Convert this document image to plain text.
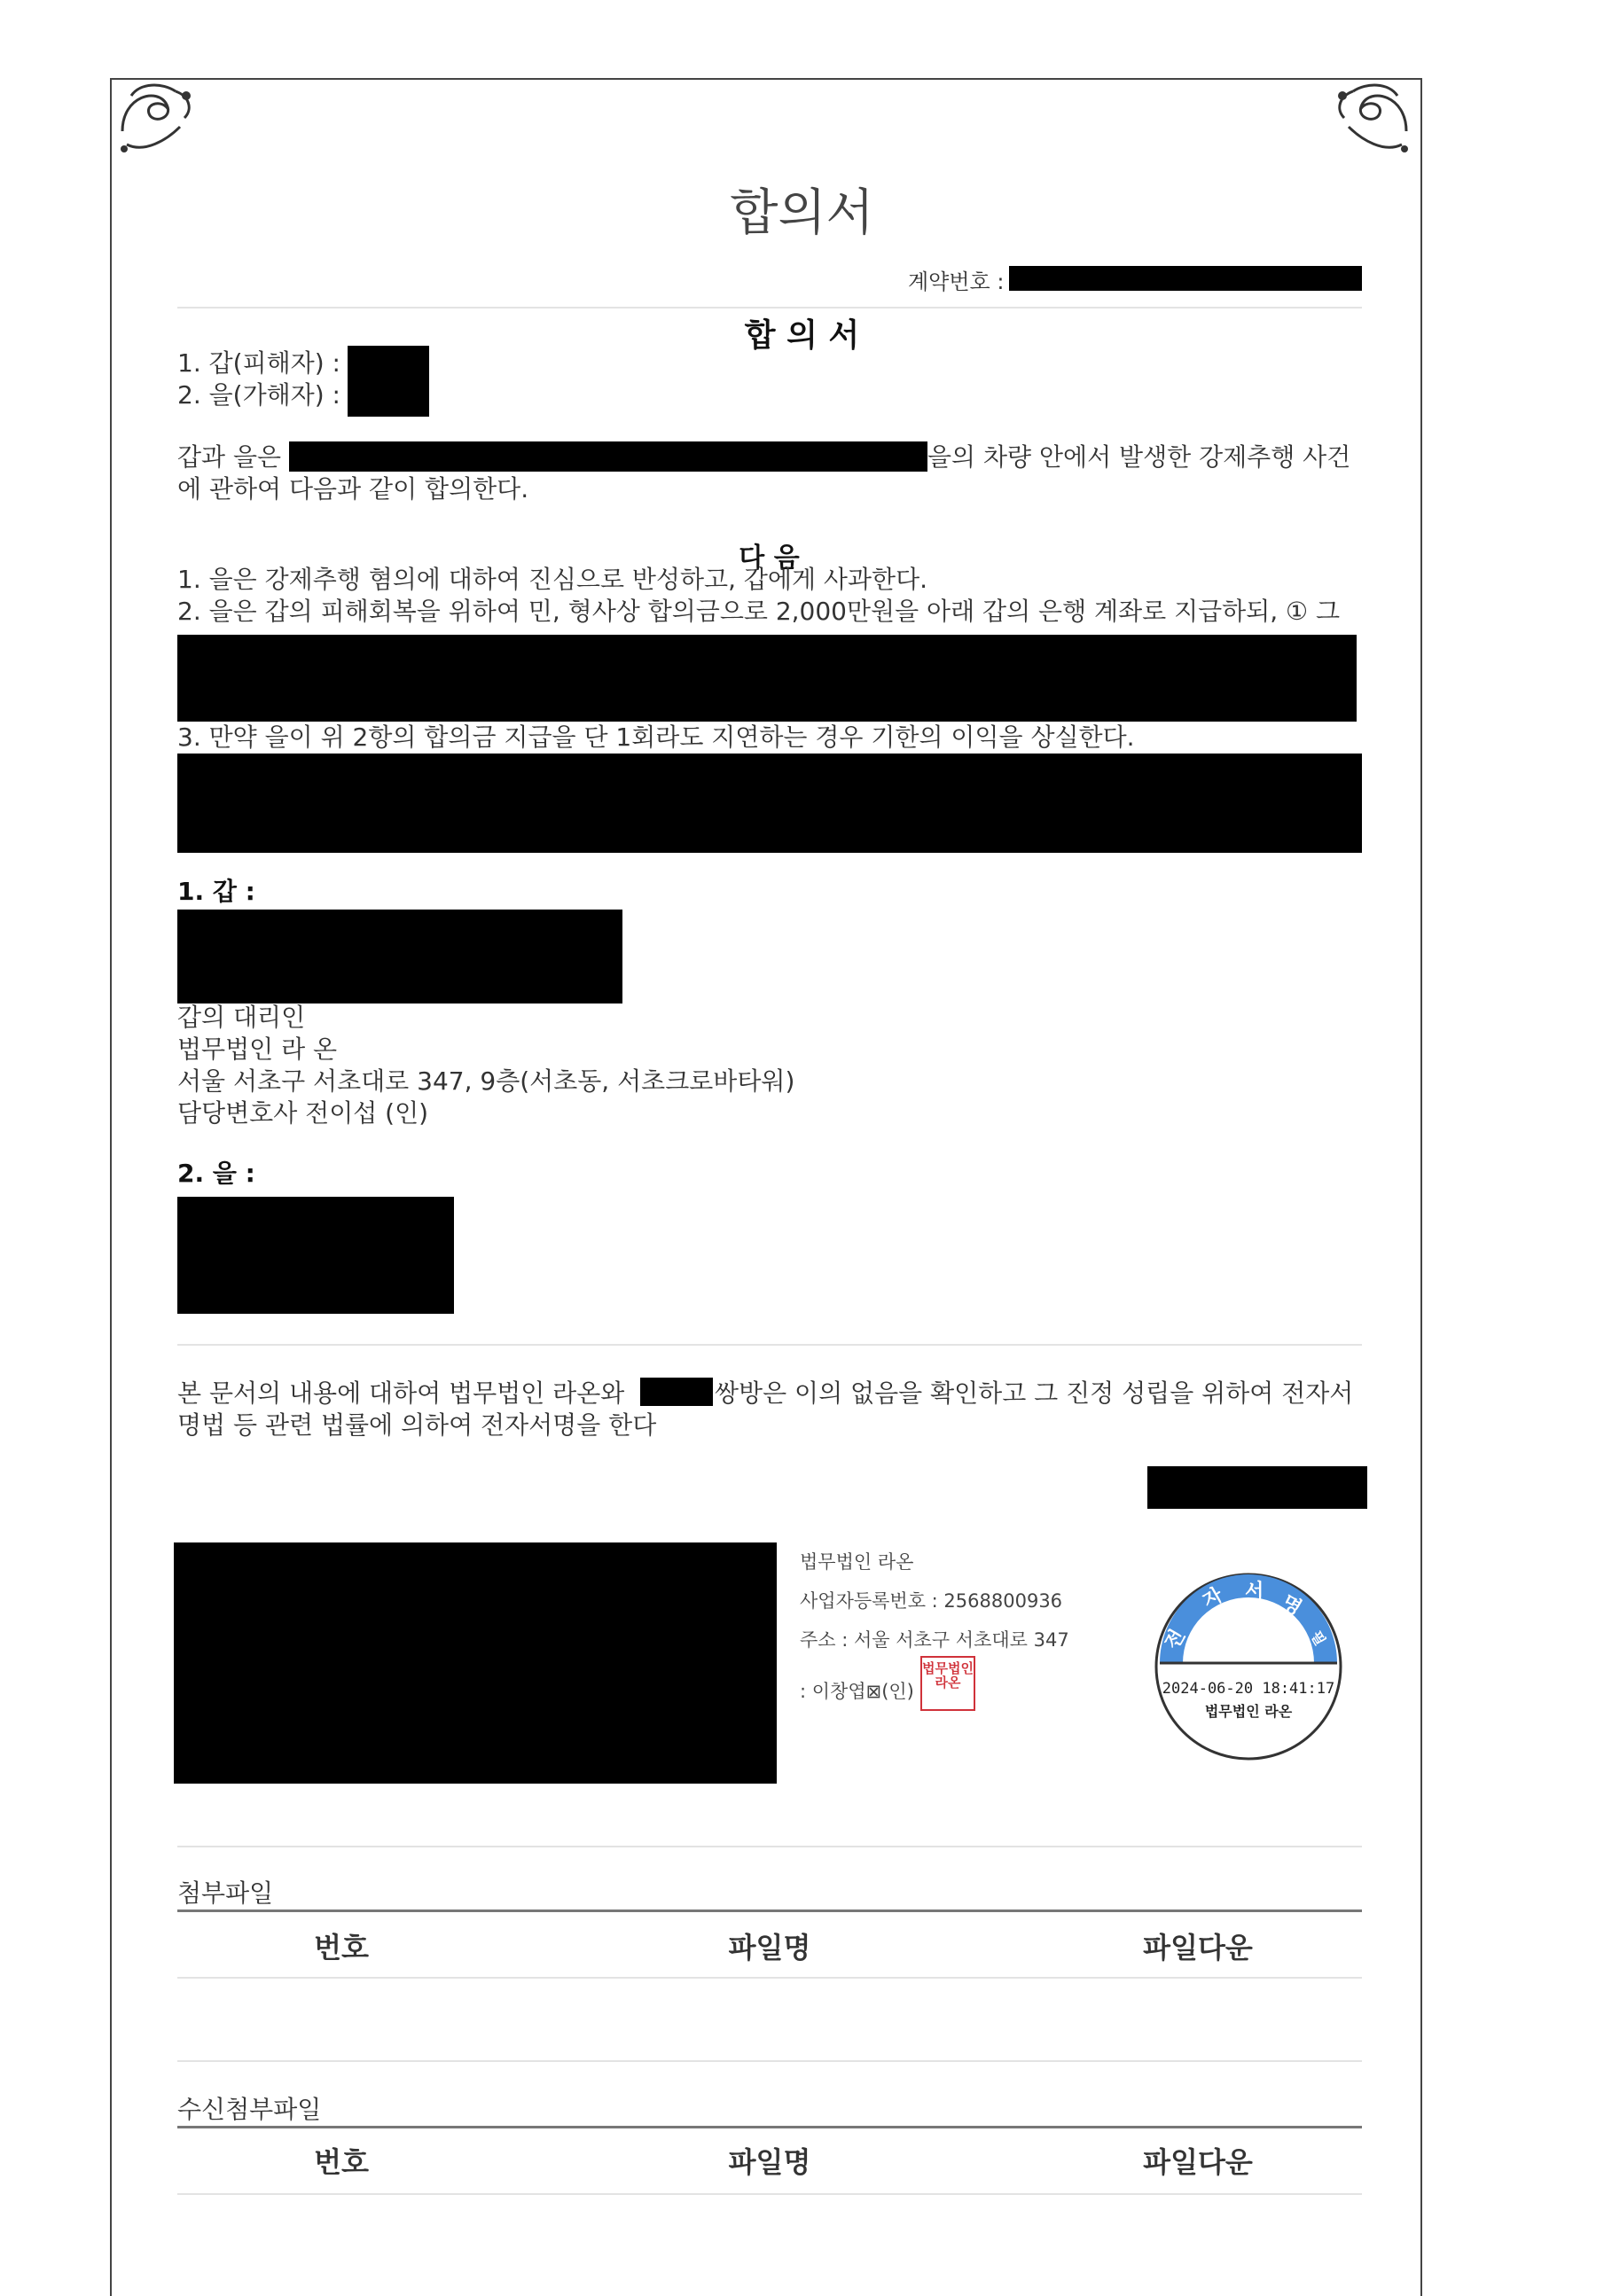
합의서
계약번호 :
합 의 서
1. 갑(피해자) :
2. 을(가해자) :
갑과 을은	을의 차량 안에서 발생한 강제추행 사건
에 관하여 다음과 같이 합의한다.
다 음
1. 을은 강제추행 혐의에 대하여 진심으로 반성하고, 갑에게 사과한다.
2. 을은 갑의 피해회복을 위하여 민, 형사상 합의금으로 2,000만원을 아래 갑의 은행 계좌로 지급하되, ① 그
3. 만약 을이 위 2항의 합의금 지급을 단 1회라도 지연하는 경우 기한의 이익을 상실한다.
1. 갑 :
갑의 대리인
법무법인 라 온
서울 서초구 서초대로 347, 9층(서초동, 서초크로바타워)
담당변호사 전이섭 (인)
2. 을 :
본 문서의 내용에 대하여 법무법인 라온와	쌍방은 이의 없음을 확인하고 그 진정 성립을 위하여 전자서
명법 등 관련 법률에 의하여 전자서명을 한다
법무법인 라온
사업자등록번호 : 2568800936
주소 : 서울 서초구 서초대로 347
: 이창엽⊠(인)
법무법인라온
전
자 서
명
필
2024-06-20 18:41:17
법무법인 라온
첨부파일
번호	파일명	파일다운
수신첨부파일
번호	파일명	파일다운
